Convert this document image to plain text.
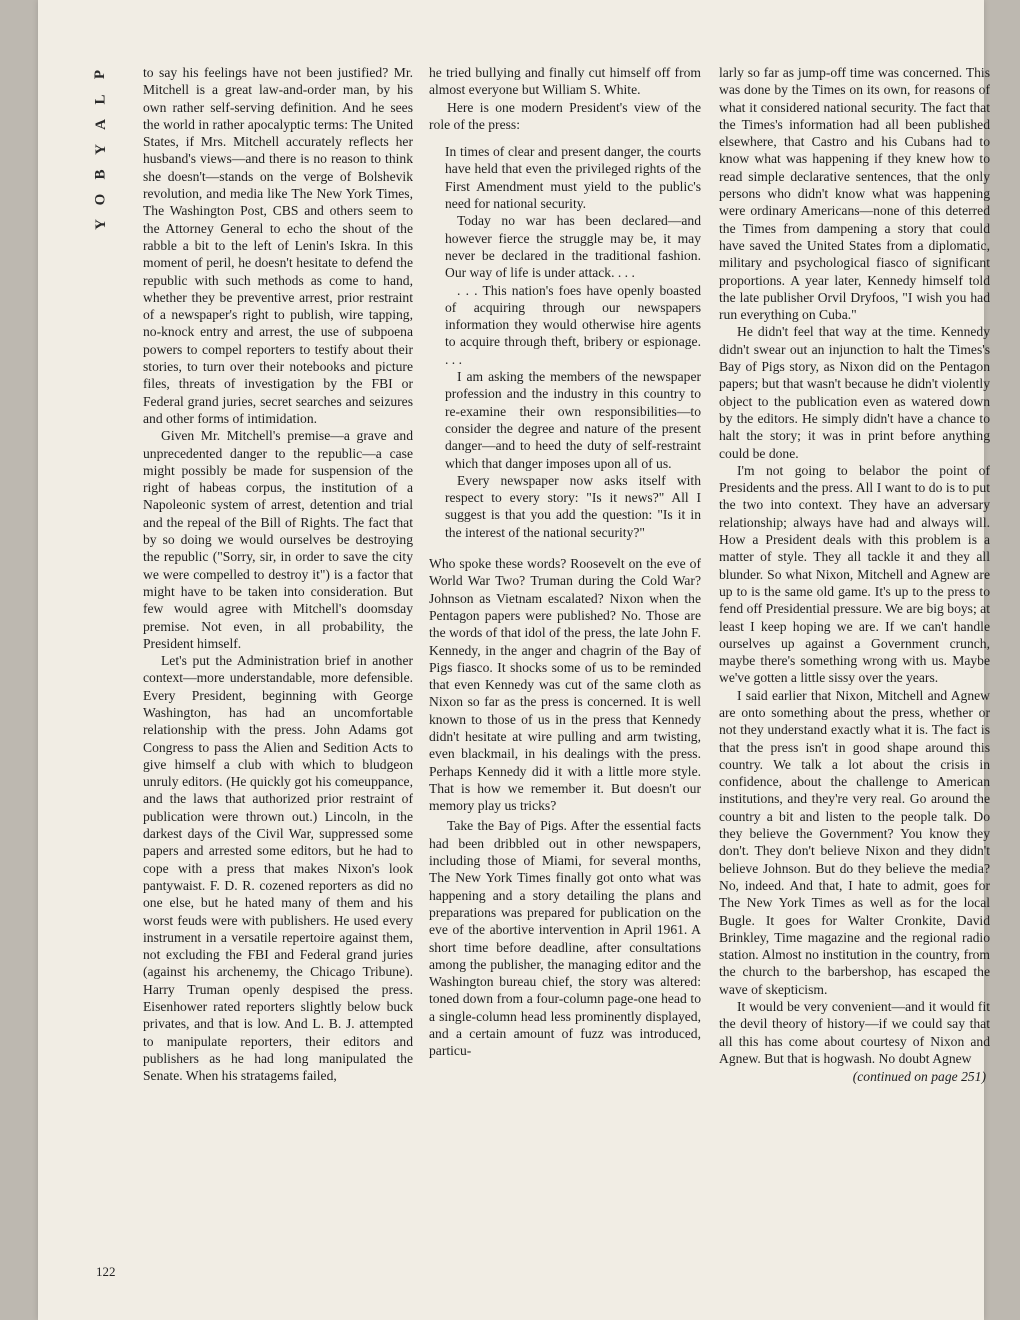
P
L
A
Y
B
O
Y

to say his feelings have not been justified? Mr. Mitchell is a great law-and-order man, by his own rather self-serving definition. And he sees the world in rather apocalyptic terms: The United States, if Mrs. Mitchell accurately reflects her husband's views—and there is no reason to think she doesn't—stands on the verge of Bolshevik revolution, and media like The New York Times, The Washington Post, CBS and others seem to the Attorney General to echo the shout of the rabble a bit to the left of Lenin's Iskra. In this moment of peril, he doesn't hesitate to defend the republic with such methods as come to hand, whether they be preventive arrest, prior restraint of a newspaper's right to publish, wire tapping, no-knock entry and arrest, the use of subpoena powers to compel reporters to testify about their stories, to turn over their notebooks and picture files, threats of investigation by the FBI or Federal grand juries, secret searches and seizures and other forms of intimidation.

Given Mr. Mitchell's premise—a grave and unprecedented danger to the republic—a case might possibly be made for suspension of the right of habeas corpus, the institution of a Napoleonic system of arrest, detention and trial and the repeal of the Bill of Rights. The fact that by so doing we would ourselves be destroying the republic ("Sorry, sir, in order to save the city we were compelled to destroy it") is a factor that might have to be taken into consideration. But few would agree with Mitchell's doomsday premise. Not even, in all probability, the President himself.

Let's put the Administration brief in another context—more understandable, more defensible. Every President, beginning with George Washington, has had an uncomfortable relationship with the press. John Adams got Congress to pass the Alien and Sedition Acts to give himself a club with which to bludgeon unruly editors. (He quickly got his comeuppance, and the laws that authorized prior restraint of publication were thrown out.) Lincoln, in the darkest days of the Civil War, suppressed some papers and arrested some editors, but he had to cope with a press that makes Nixon's look pantywaist. F. D. R. cozened reporters as did no one else, but he hated many of them and his worst feuds were with publishers. He used every instrument in a versatile repertoire against them, not excluding the FBI and Federal grand juries (against his archenemy, the Chicago Tribune). Harry Truman openly despised the press. Eisenhower rated reporters slightly below buck privates, and that is low. And L. B. J. attempted to manipulate reporters, their editors and publishers as he had long manipulated the Senate. When his stratagems failed,

he tried bullying and finally cut himself off from almost everyone but William S. White.

Here is one modern President's view of the role of the press:

In times of clear and present danger, the courts have held that even the privileged rights of the First Amendment must yield to the public's need for national security.

Today no war has been declared—and however fierce the struggle may be, it may never be declared in the traditional fashion. Our way of life is under attack. . . .

. . . This nation's foes have openly boasted of acquiring through our newspapers information they would otherwise hire agents to acquire through theft, bribery or espionage. . . .

I am asking the members of the newspaper profession and the industry in this country to re-examine their own responsibilities—to consider the degree and nature of the present danger—and to heed the duty of self-restraint which that danger imposes upon all of us.

Every newspaper now asks itself with respect to every story: "Is it news?" All I suggest is that you add the question: "Is it in the interest of the national security?"

Who spoke these words? Roosevelt on the eve of World War Two? Truman during the Cold War? Johnson as Vietnam escalated? Nixon when the Pentagon papers were published? No. Those are the words of that idol of the press, the late John F. Kennedy, in the anger and chagrin of the Bay of Pigs fiasco. It shocks some of us to be reminded that even Kennedy was cut of the same cloth as Nixon so far as the press is concerned. It is well known to those of us in the press that Kennedy didn't hesitate at wire pulling and arm twisting, even blackmail, in his dealings with the press. Perhaps Kennedy did it with a little more style. That is how we remember it. But doesn't our memory play us tricks?

Take the Bay of Pigs. After the essential facts had been dribbled out in other newspapers, including those of Miami, for several months, The New York Times finally got onto what was happening and a story detailing the plans and preparations was prepared for publication on the eve of the abortive intervention in April 1961. A short time before deadline, after consultations among the publisher, the managing editor and the Washington bureau chief, the story was altered: toned down from a four-column page-one head to a single-column head less prominently displayed, and a certain amount of fuzz was introduced, particu-

larly so far as jump-off time was concerned. This was done by the Times on its own, for reasons of what it considered national security. The fact that the Times's information had all been published elsewhere, that Castro and his Cubans had to know what was happening if they knew how to read simple declarative sentences, that the only persons who didn't know what was happening were ordinary Americans—none of this deterred the Times from dampening a story that could have saved the United States from a diplomatic, military and psychological fiasco of significant proportions. A year later, Kennedy himself told the late publisher Orvil Dryfoos, "I wish you had run everything on Cuba."

He didn't feel that way at the time. Kennedy didn't swear out an injunction to halt the Times's Bay of Pigs story, as Nixon did on the Pentagon papers; but that wasn't because he didn't violently object to the publication even as watered down by the editors. He simply didn't have a chance to halt the story; it was in print before anything could be done.

I'm not going to belabor the point of Presidents and the press. All I want to do is to put the two into context. They have an adversary relationship; always have had and always will. How a President deals with this problem is a matter of style. They all tackle it and they all blunder. So what Nixon, Mitchell and Agnew are up to is the same old game. It's up to the press to fend off Presidential pressure. We are big boys; at least I keep hoping we are. If we can't handle ourselves up against a Government crunch, maybe there's something wrong with us. Maybe we've gotten a little sissy over the years.

I said earlier that Nixon, Mitchell and Agnew are onto something about the press, whether or not they understand exactly what it is. The fact is that the press isn't in good shape around this country. We talk a lot about the crisis in confidence, about the challenge to American institutions, and they're very real. Go around the country a bit and listen to the people talk. Do they believe the Government? You know they don't. They don't believe Nixon and they didn't believe Johnson. But do they believe the media? No, indeed. And that, I hate to admit, goes for The New York Times as well as for the local Bugle. It goes for Walter Cronkite, David Brinkley, Time magazine and the regional radio station. Almost no institution in the country, from the church to the barbershop, has escaped the wave of skepticism.

It would be very convenient—and it would fit the devil theory of history—if we could say that all this has come about courtesy of Nixon and Agnew. But that is hogwash. No doubt Agnew

(continued on page 251)
122
